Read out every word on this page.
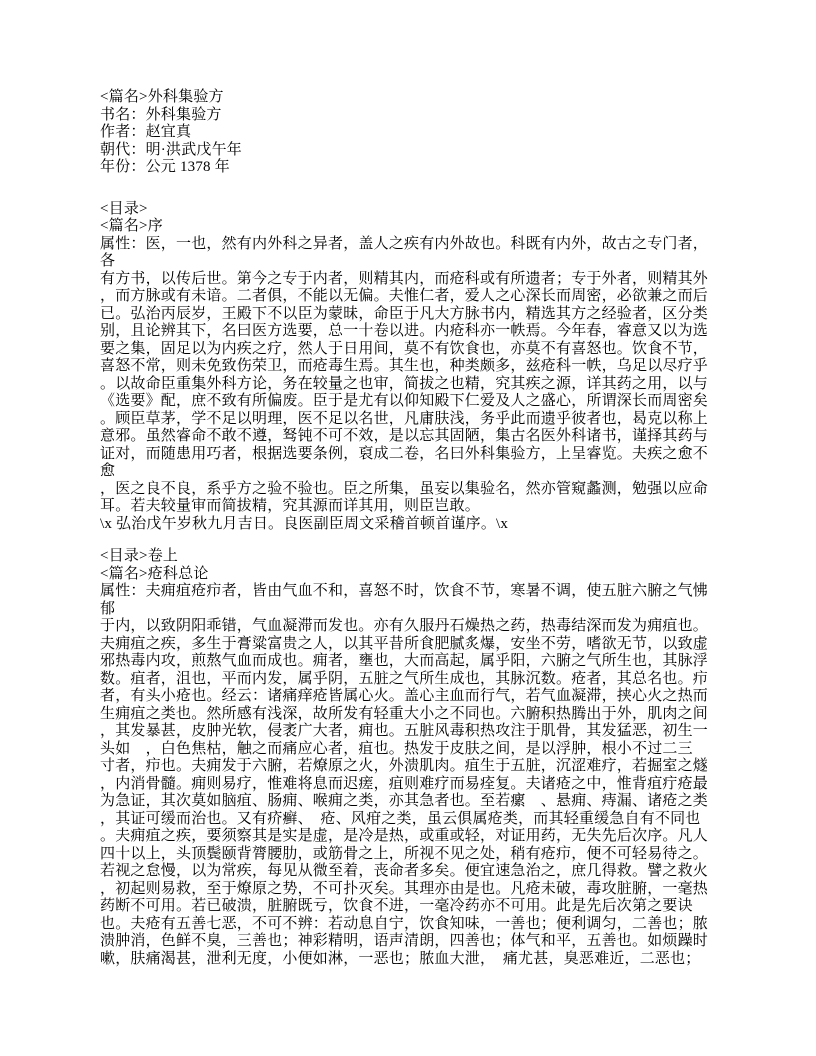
<篇名>外科集验方
书名：外科集验方
作者：赵宜真
朝代：明·洪武戊午年
年份：公元 1378 年
<目录>
<篇名>序
属性：医，一也，然有内外科之异者，盖人之疾有内外故也。科既有内外，故古之专门者，各
有方书，以传后世。第今之专于内者，则精其内，而疮科或有所遗者；专于外者，则精其外
，而方脉或有未谙。二者俱，不能以无偏。夫惟仁者，爱人之心深长而周密，必欲兼之而后
已。弘治丙辰岁，王殿下不以臣为蒙昧，命臣于凡大方脉书内，精选其方之经验者，区分类
别，且论辨其下，名曰医方选要，总一十卷以进。内疮科亦一帙焉。今年春，睿意又以为选
要之集，固足以为内疾之疗，然人于日用间，莫不有饮食也，亦莫不有喜怒也。饮食不节，
喜怒不常，则未免致伤荣卫，而疮毒生焉。其生也，种类颇多，兹疮科一帙，乌足以尽疗乎
。以故命臣重集外科方论，务在较量之也审，简拔之也精，究其疾之源，详其药之用，以与
《选要》配，庶不致有所偏废。臣于是尤有以仰知殿下仁爱及人之盛心，所谓深长而周密矣
。顾臣草茅，学不足以明理，医不足以名世，凡庸肤浅，务乎此而遗乎彼者也，曷克以称上
意邪。虽然睿命不敢不遵，驽钝不可不效，是以忘其固陋，集古名医外科诸书，谨择其药与
证对，而随患用巧者，根据选要条例，裒成二卷，名曰外科集验方，上呈睿览。夫疾之愈不愈
，医之良不良，系乎方之验不验也。臣之所集，虽妄以集验名，然亦管窥蠡测，勉强以应命
耳。若夫较量审而简拔精，究其源而详其用，则臣岂敢。
\x 弘治戊午岁秋九月吉日。良医副臣周文采稽首顿首谨序。\x
<目录>卷上
<篇名>疮科总论
属性：夫痈疽疮疖者，皆由气血不和，喜怒不时，饮食不节，寒暑不调，使五脏六腑之气怫郁
于内，以致阴阳乖错，气血凝滞而发也。亦有久服丹石燥热之药，热毒结深而发为痈疽也。
夫痈疽之疾，多生于膏粱富贵之人，以其平昔所食肥腻炙爆，安坐不劳，嗜欲无节，以致虚
邪热毒内攻，煎熬气血而成也。痈者，壅也，大而高起，属乎阳，六腑之气所生也，其脉浮
数。疽者，沮也，平而内发，属乎阴，五脏之气所生成也，其脉沉数。疮者，其总名也。疖
者，有头小疮也。经云：诸痛痒疮皆属心火。盖心主血而行气，若气血凝滞，挟心火之热而
生痈疽之类也。然所感有浅深，故所发有轻重大小之不同也。六腑积热腾出于外，肌肉之间
，其发暴甚，皮肿光软，侵袤广大者，痈也。五脏风毒积热攻注于肌骨，其发猛恶，初生一
头如　，白色焦枯，触之而痛应心者，疽也。热发于皮肤之间，是以浮肿，根小不过二三
寸者，疖也。夫痈发于六腑，若燎原之火，外溃肌肉。疽生于五脏，沉涩难疗，若掘室之燧
，内消骨髓。痈则易疗，惟难将息而迟瘥，疽则难疗而易痊复。夫诸疮之中，惟背疽疔疮最
为急证，其次莫如脑疽、肠痈、喉痈之类，亦其急者也。至若瘰　、悬痈、痔漏、诸疮之类
，其证可缓而治也。又有疥癣、　疮、风疳之类，虽云俱属疮类，而其轻重缓急自有不同也
。夫痈疽之疾，要须察其是实是虚，是冷是热，或重或轻，对证用药，无失先后次序。凡人
四十以上，头顶鬓颐背膂腰肋，或筋骨之上，所视不见之处，稍有疮疖，便不可轻易待之。
若视之怠慢，以为常疾，每见从微至着，丧命者多矣。便宜速急治之，庶几得救。譬之救火
，初起则易救，至于燎原之势，不可扑灭矣。其理亦由是也。凡疮未破，毒攻脏腑，一毫热
药断不可用。若已破溃，脏腑既亏，饮食不进，一毫冷药亦不可用。此是先后次第之要诀
也。夫疮有五善七恶，不可不辨：若动息自宁，饮食知味，一善也；便利调匀，二善也；脓
溃肿消，色鲜不臭，三善也；神彩精明，语声清朗，四善也；体气和平，五善也。如烦躁时
嗽，肤痛渴甚，泄利无度，小便如淋，一恶也；脓血大泄，　痛尤甚，臭恶难近，二恶也；
